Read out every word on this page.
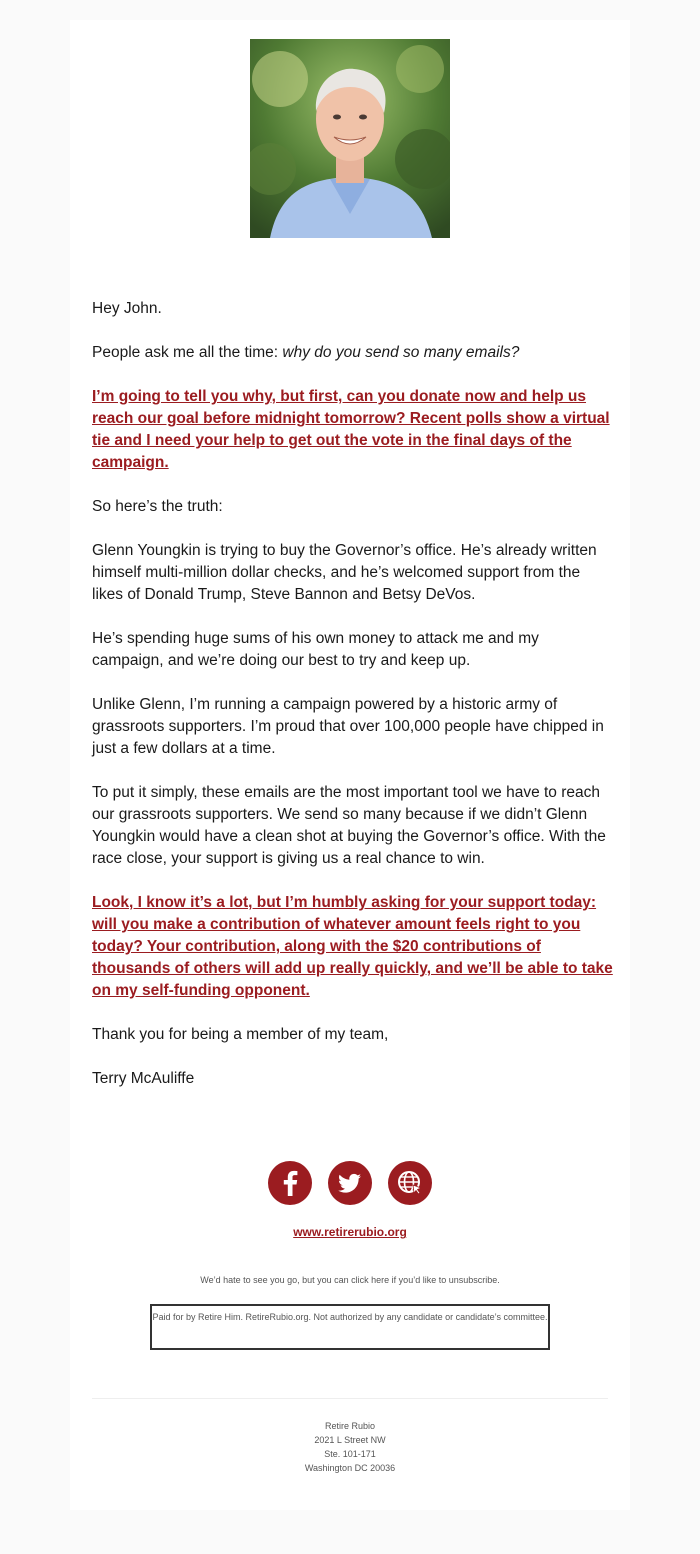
Hey John.

People ask me all the time: why do you send so many emails?

I’m going to tell you why, but first, can you donate now and help us reach our goal before midnight tomorrow? Recent polls show a virtual tie and I need your help to get out the vote in the final days of the campaign.

So here’s the truth:

Glenn Youngkin is trying to buy the Governor’s office. He’s already written himself multi-million dollar checks, and he’s welcomed support from the likes of Donald Trump, Steve Bannon and Betsy DeVos.

He’s spending huge sums of his own money to attack me and my campaign, and we’re doing our best to try and keep up.

Unlike Glenn, I’m running a campaign powered by a historic army of grassroots supporters. I’m proud that over 100,000 people have chipped in just a few dollars at a time.

To put it simply, these emails are the most important tool we have to reach our grassroots supporters. We send so many because if we didn’t Glenn Youngkin would have a clean shot at buying the Governor’s office. With the race close, your support is giving us a real chance to win.

Look, I know it’s a lot, but I’m humbly asking for your support today: will you make a contribution of whatever amount feels right to you today? Your contribution, along with the $20 contributions of thousands of others will add up really quickly, and we’ll be able to take on my self-funding opponent.

Thank you for being a member of my team,

Terry McAuliffe

www.retirerubio.org
We’d hate to see you go, but you can click here if you’d like to unsubscribe.
Paid for by Retire Him. RetireRubio.org. Not authorized by any candidate or candidate’s committee.
Retire Rubio
2021 L Street NW
Ste. 101-171
Washington DC 20036
